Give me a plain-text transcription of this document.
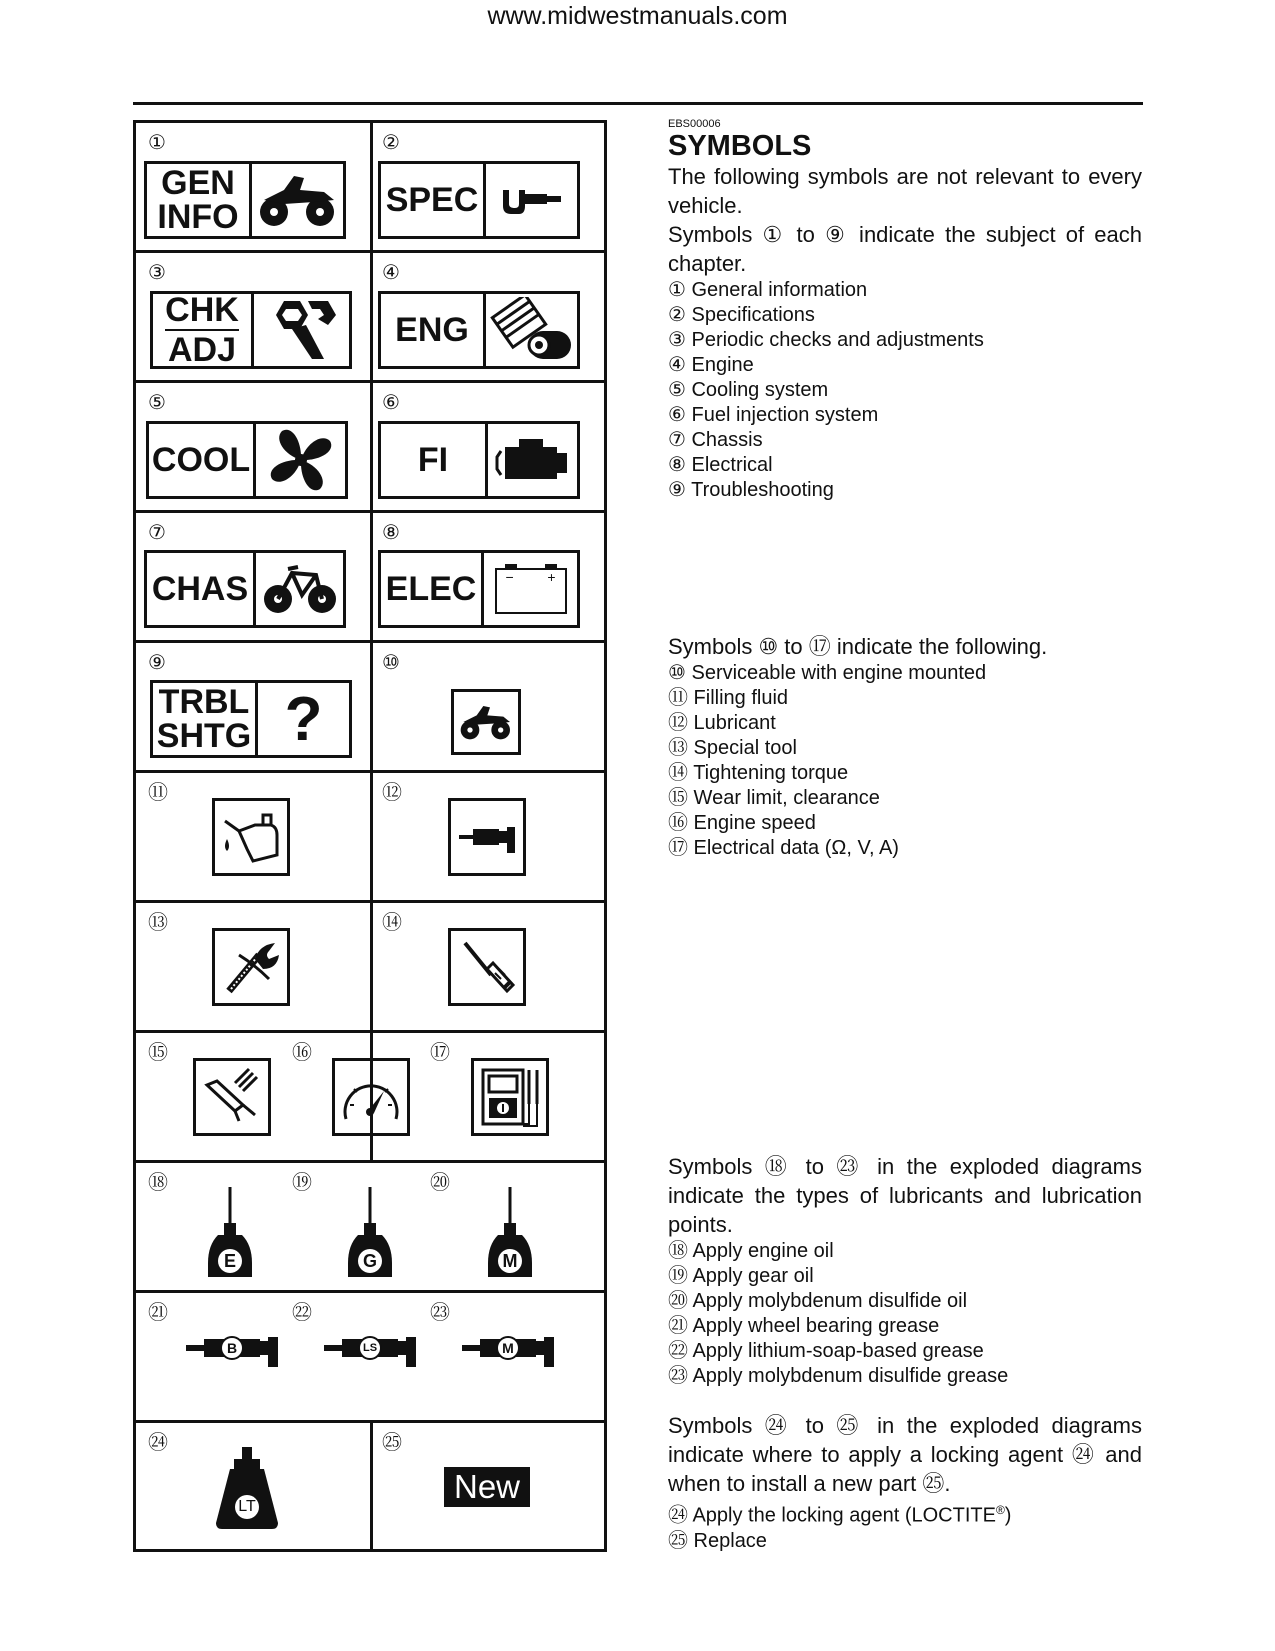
www.midwestmanuals.com
①
GEN
INFO
②
SPEC
③
CHK
ADJ
④
ENG
⑤
COOL
⑥
FI
⑦
CHAS
⑧
ELEC − +
⑨
TRBL
SHTG ?
⑩
⑪	⑫
⑬	⑭
⑮	⑯	⑰
⑱
E
⑲
G
⑳
M
㉑
B
㉒
LS
㉓
M
㉔
LT
㉕
New
EBS00006
SYMBOLS
The following symbols are not relevant to every vehicle.
Symbols ① to ⑨ indicate the subject of each chapter.
① General information
② Specifications
③ Periodic checks and adjustments
④ Engine
⑤ Cooling system
⑥ Fuel injection system
⑦ Chassis
⑧ Electrical
⑨ Troubleshooting
Symbols ⑩ to ⑰ indicate the following.
⑩ Serviceable with engine mounted
⑪ Filling fluid
⑫ Lubricant
⑬ Special tool
⑭ Tightening torque
⑮ Wear limit, clearance
⑯ Engine speed
⑰ Electrical data (Ω, V, A)
Symbols ⑱ to ㉓ in the exploded diagrams indicate the types of lubricants and lubrication points.
⑱ Apply engine oil
⑲ Apply gear oil
⑳ Apply molybdenum disulfide oil
㉑ Apply wheel bearing grease
㉒ Apply lithium-soap-based grease
㉓ Apply molybdenum disulfide grease
Symbols ㉔ to ㉕ in the exploded diagrams indicate where to apply a locking agent ㉔ and when to install a new part ㉕.
㉔ Apply the locking agent (LOCTITE®)
㉕ Replace
